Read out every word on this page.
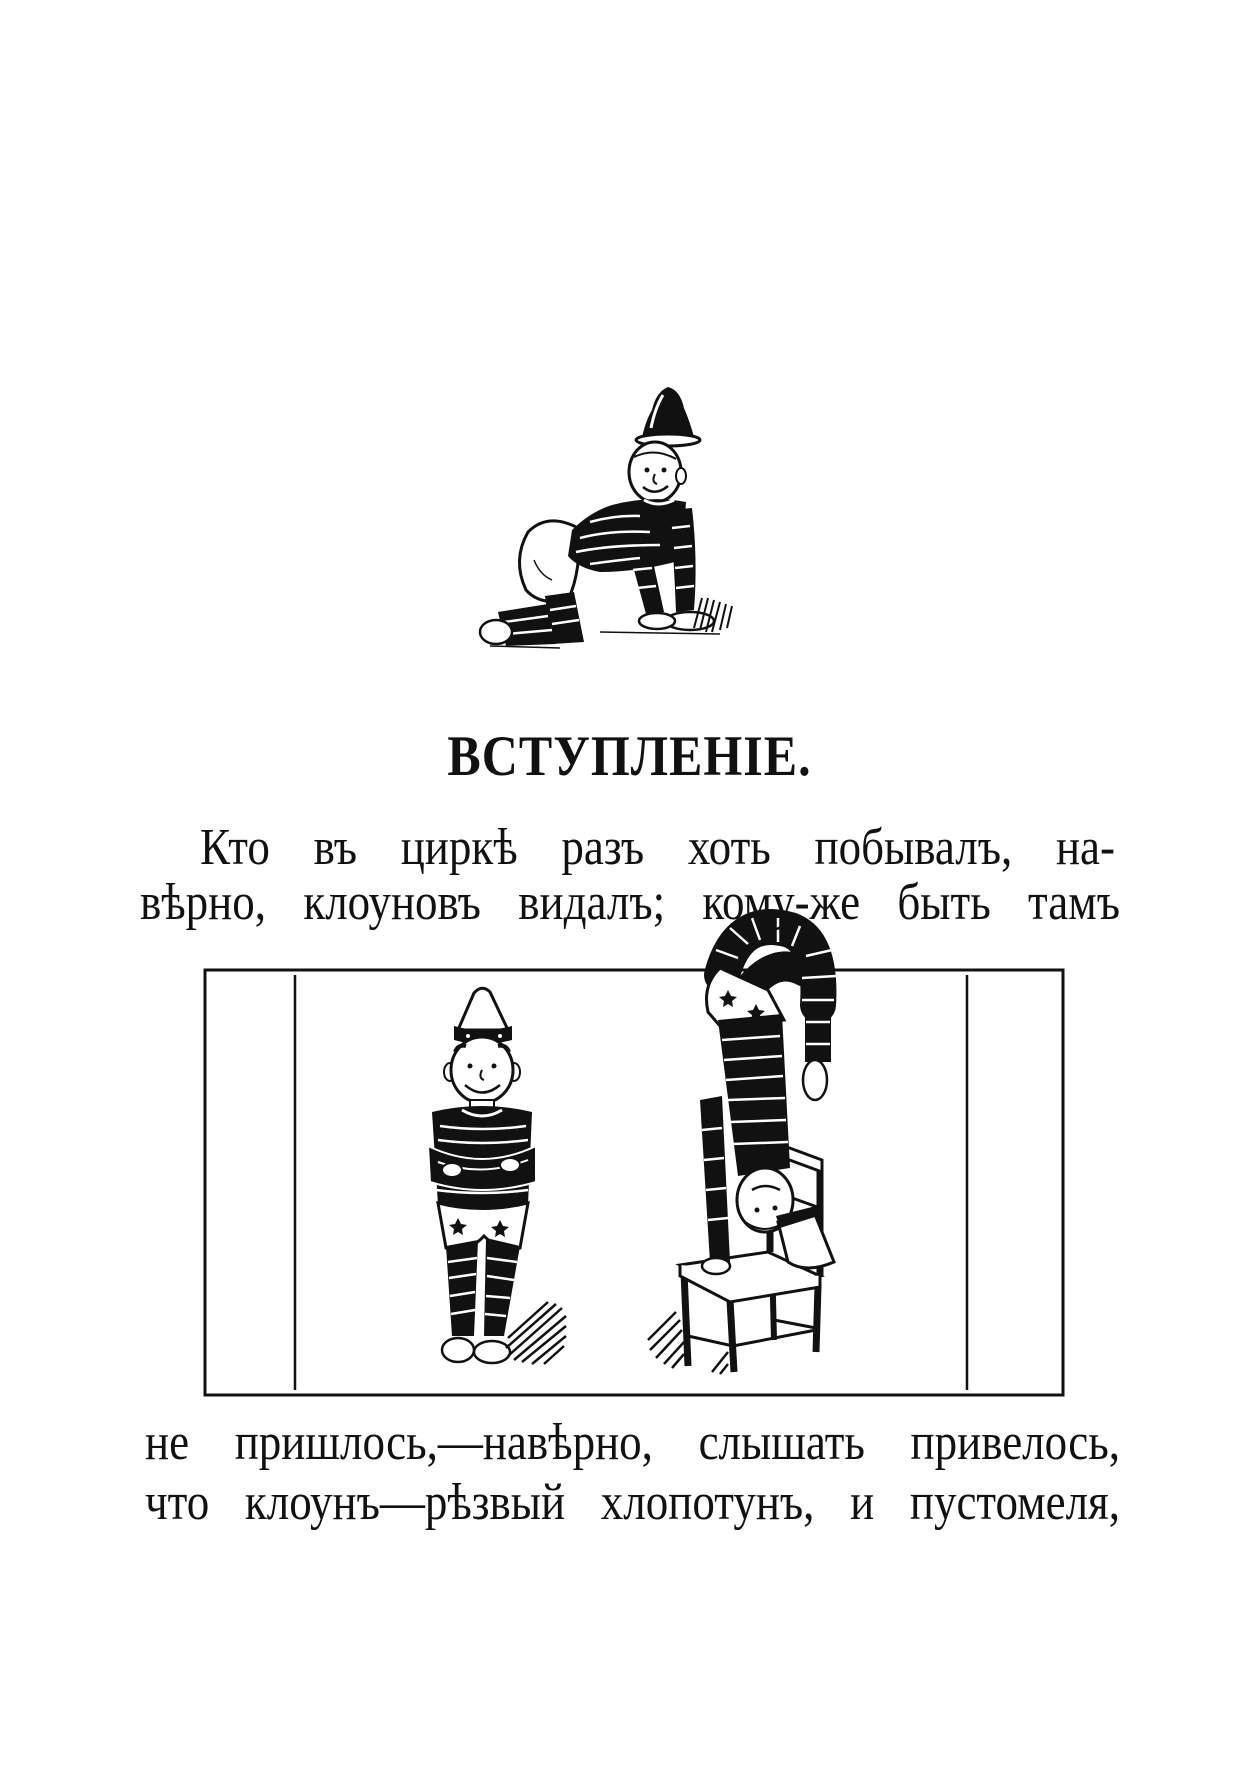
ВСТУПЛЕНІЕ.
Кто въ циркѣ разъ хоть побывалъ, на-
вѣрно, клоуновъ видалъ; кому-же быть тамъ
не пришлось,—навѣрно, слышать привелось,
что клоунъ—рѣзвый хлопотунъ, и пустомеля,
